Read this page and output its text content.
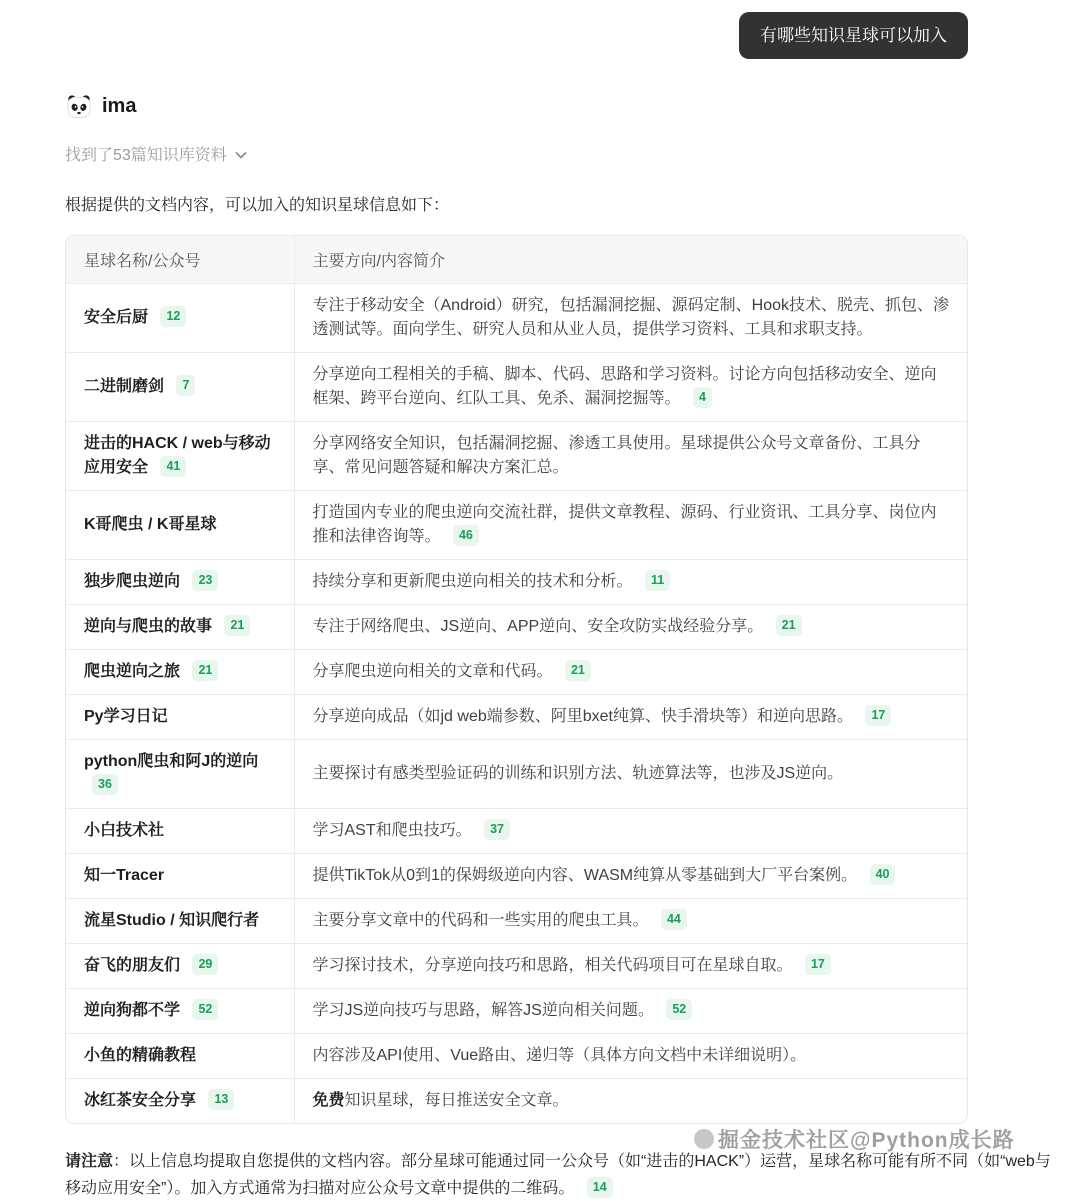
有哪些知识星球可以加入
ima
找到了53篇知识库资料
根据提供的文档内容，可以加入的知识星球信息如下：
星球名称/公众号	主要方向/内容简介
安全后厨 12	专注于移动安全（Android）研究，包括漏洞挖掘、源码定制、Hook技术、脱壳、抓包、渗透测试等。面向学生、研究人员和从业人员，提供学习资料、工具和求职支持。
二进制磨剑 7	分享逆向工程相关的手稿、脚本、代码、思路和学习资料。讨论方向包括移动安全、逆向框架、跨平台逆向、红队工具、免杀、漏洞挖掘等。 4
进击的HACK / web与移动应用安全 41	分享网络安全知识，包括漏洞挖掘、渗透工具使用。星球提供公众号文章备份、工具分享、常见问题答疑和解决方案汇总。
K哥爬虫 / K哥星球	打造国内专业的爬虫逆向交流社群，提供文章教程、源码、行业资讯、工具分享、岗位内推和法律咨询等。 46
独步爬虫逆向 23	持续分享和更新爬虫逆向相关的技术和分析。 11
逆向与爬虫的故事 21	专注于网络爬虫、JS逆向、APP逆向、安全攻防实战经验分享。 21
爬虫逆向之旅 21	分享爬虫逆向相关的文章和代码。 21
Py学习日记	分享逆向成品（如jd web端参数、阿里bxet纯算、快手滑块等）和逆向思路。 17
python爬虫和阿J的逆向 36	主要探讨有感类型验证码的训练和识别方法、轨迹算法等，也涉及JS逆向。
小白技术社	学习AST和爬虫技巧。 37
知一Tracer	提供TikTok从0到1的保姆级逆向内容、WASM纯算从零基础到大厂平台案例。 40
流星Studio / 知识爬行者	主要分享文章中的代码和一些实用的爬虫工具。 44
奋飞的朋友们 29	学习探讨技术，分享逆向技巧和思路，相关代码项目可在星球自取。 17
逆向狗都不学 52	学习JS逆向技巧与思路，解答JS逆向相关问题。 52
小鱼的精确教程	内容涉及API使用、Vue路由、递归等（具体方向文档中未详细说明）。
冰红茶安全分享 13	免费知识星球，每日推送安全文章。
请注意：以上信息均提取自您提供的文档内容。部分星球可能通过同一公众号（如“进击的HACK”）运营，星球名称可能有所不同（如“web与移动应用安全”）。加入方式通常为扫描对应公众号文章中提供的二维码。 14
掘金技术社区@Python成长路
